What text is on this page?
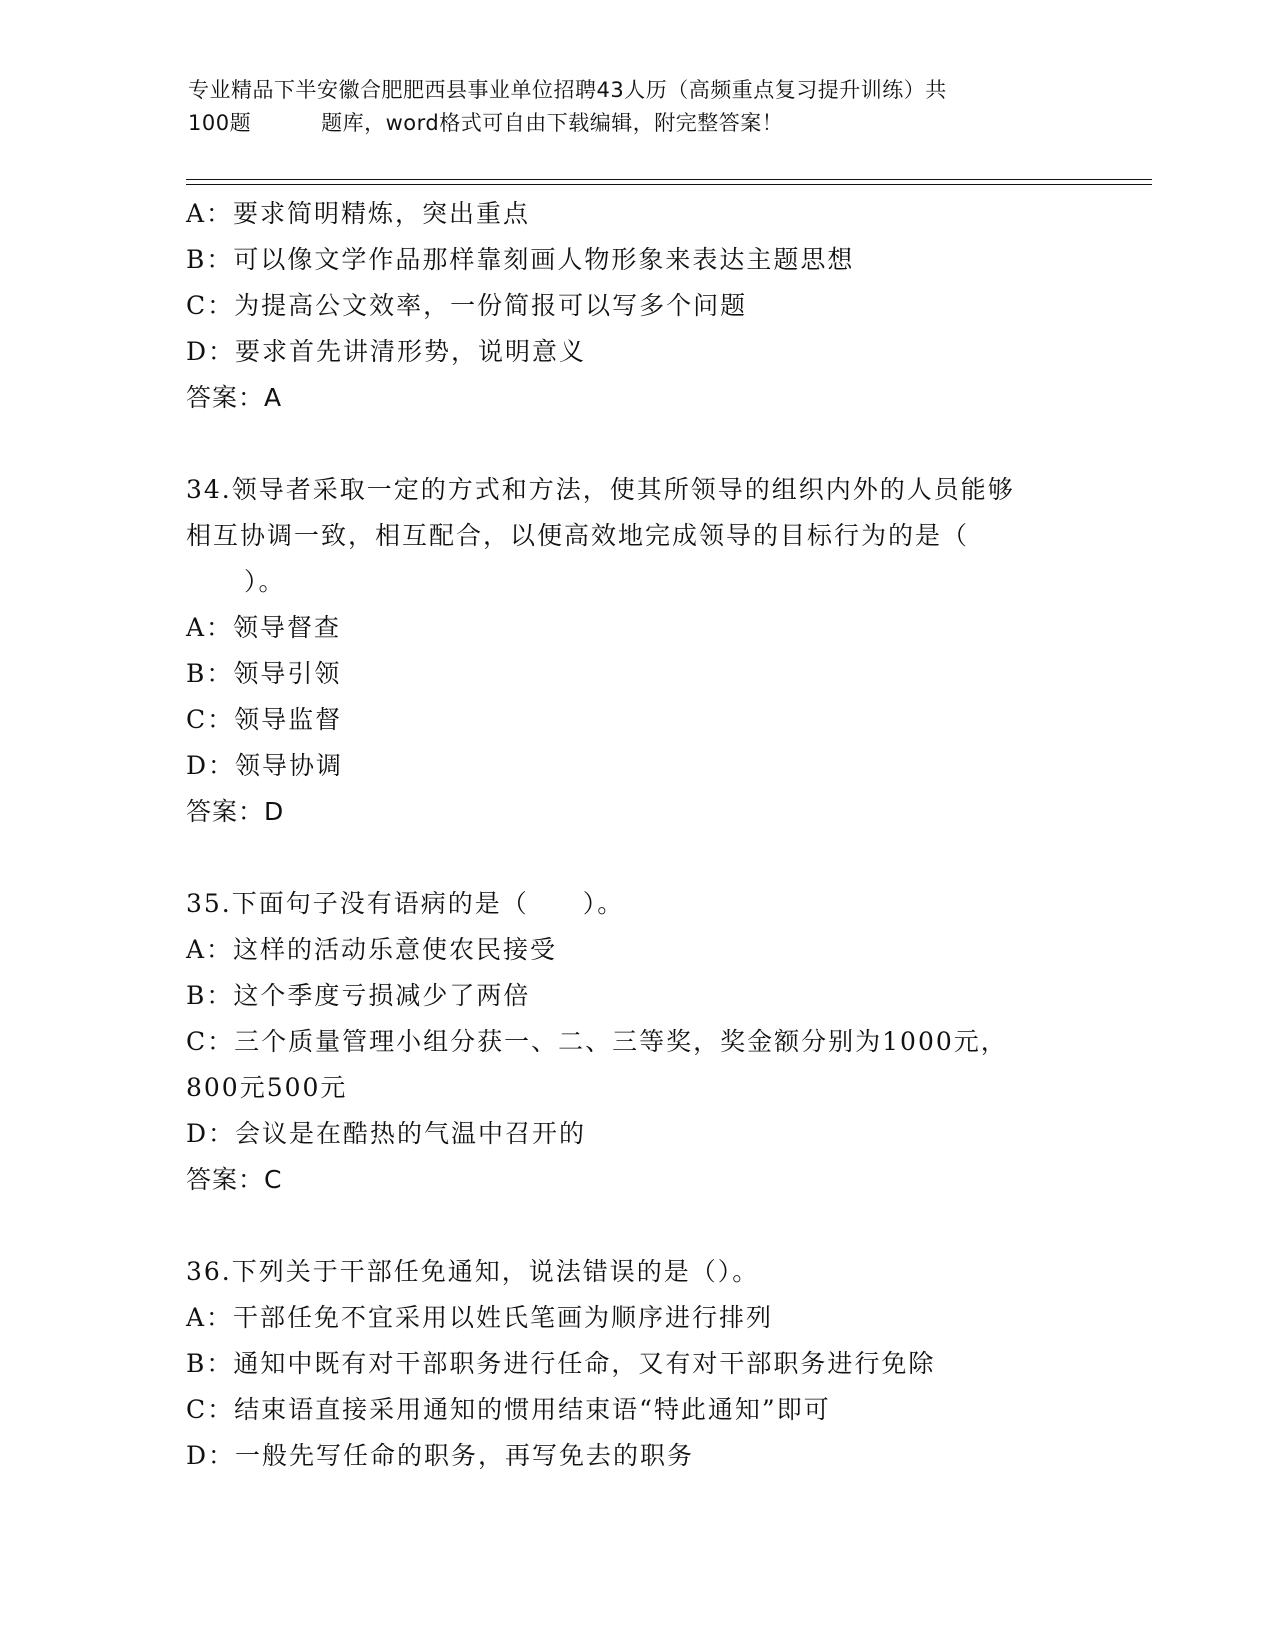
专业精品下半安徽合肥肥西县事业单位招聘43人历（高频重点复习提升训练）共
100题	题库，word格式可自由下载编辑，附完整答案！
A：要求简明精炼，突出重点
B：可以像文学作品那样靠刻画人物形象来表达主题思想
C：为提高公文效率，一份简报可以写多个问题
D：要求首先讲清形势，说明意义
答案：A
34.领导者采取一定的方式和方法，使其所领导的组织内外的人员能够
相互协调一致，相互配合，以便高效地完成领导的目标行为的是（
）。
A：领导督查
B：领导引领
C：领导监督
D：领导协调
答案：D
35.下面句子没有语病的是（　　）。
A：这样的活动乐意使农民接受
B：这个季度亏损减少了两倍
C：三个质量管理小组分获一、二、三等奖，奖金额分别为1000元，
800元500元
D：会议是在酷热的气温中召开的
答案：C
36.下列关于干部任免通知，说法错误的是（）。
A：干部任免不宜采用以姓氏笔画为顺序进行排列
B：通知中既有对干部职务进行任命，又有对干部职务进行免除
C：结束语直接采用通知的惯用结束语“特此通知”即可
D：一般先写任命的职务，再写免去的职务
